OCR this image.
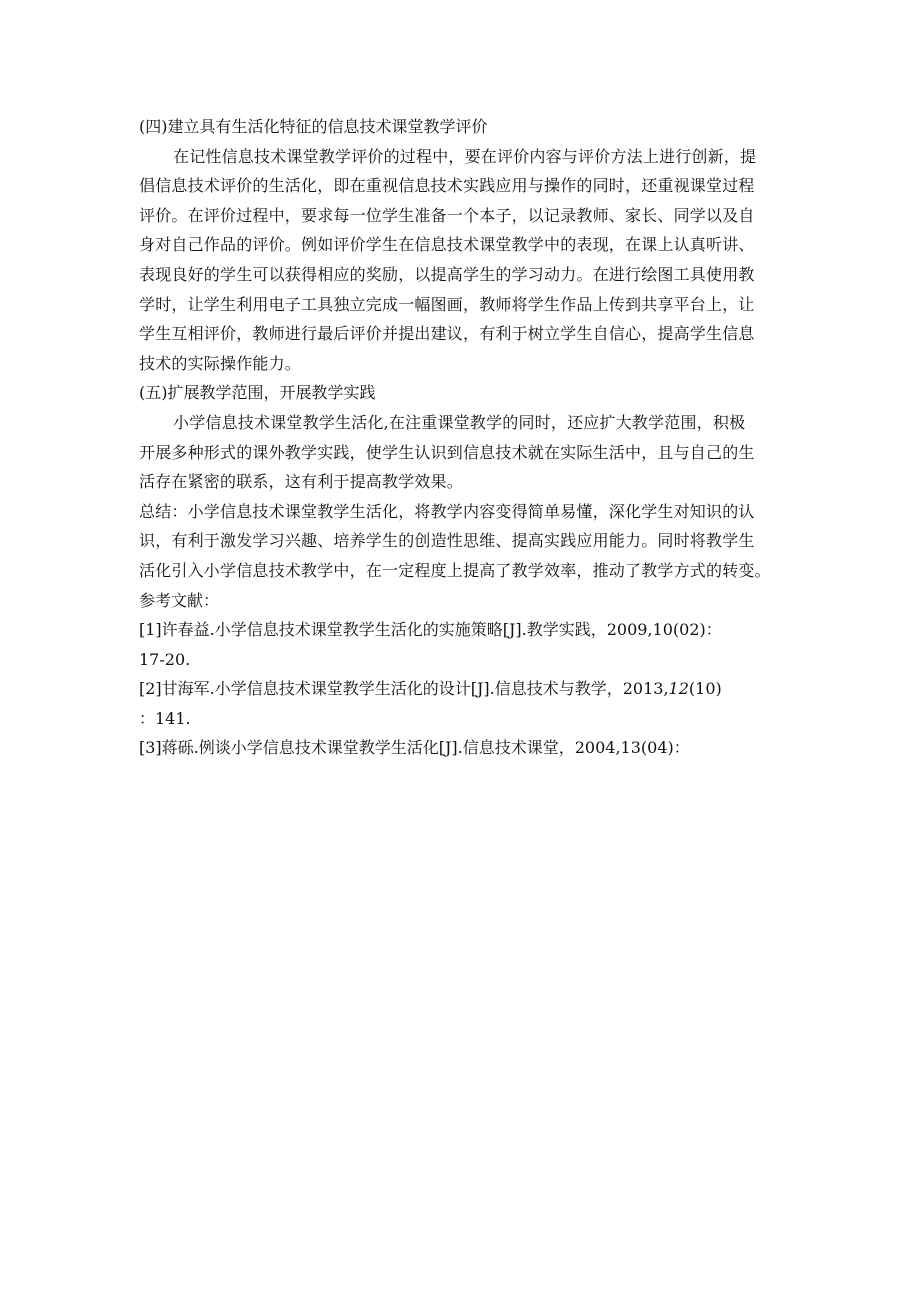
(四)建立具有生活化特征的信息技术课堂教学评价
在记性信息技术课堂教学评价的过程中，要在评价内容与评价方法上进行创新，提
倡信息技术评价的生活化，即在重视信息技术实践应用与操作的同时，还重视课堂过程
评价。在评价过程中，要求每一位学生准备一个本子，以记录教师、家长、同学以及自
身对自己作品的评价。例如评价学生在信息技术课堂教学中的表现，在课上认真听讲、
表现良好的学生可以获得相应的奖励，以提高学生的学习动力。在进行绘图工具使用教
学时，让学生利用电子工具独立完成一幅图画，教师将学生作品上传到共享平台上，让
学生互相评价，教师进行最后评价并提出建议，有利于树立学生自信心，提高学生信息
技术的实际操作能力。
(五)扩展教学范围，开展教学实践
小学信息技术课堂教学生活化,在注重课堂教学的同时，还应扩大教学范围，积极
开展多种形式的课外教学实践，使学生认识到信息技术就在实际生活中，且与自己的生
活存在紧密的联系，这有利于提高教学效果。
总结：小学信息技术课堂教学生活化，将教学内容变得简单易懂，深化学生对知识的认
识，有利于激发学习兴趣、培养学生的创造性思维、提高实践应用能力。同时将教学生
活化引入小学信息技术教学中，在一定程度上提高了教学效率，推动了教学方式的转变。
参考文献：
[1]许春益.小学信息技术课堂教学生活化的实施策略[J].教学实践，2009,10(02)：
17-20.
[2]甘海军.小学信息技术课堂教学生活化的设计[J].信息技术与教学，2013,12(10)
：141.
[3]蒋砾.例谈小学信息技术课堂教学生活化[J].信息技术课堂，2004,13(04)：
